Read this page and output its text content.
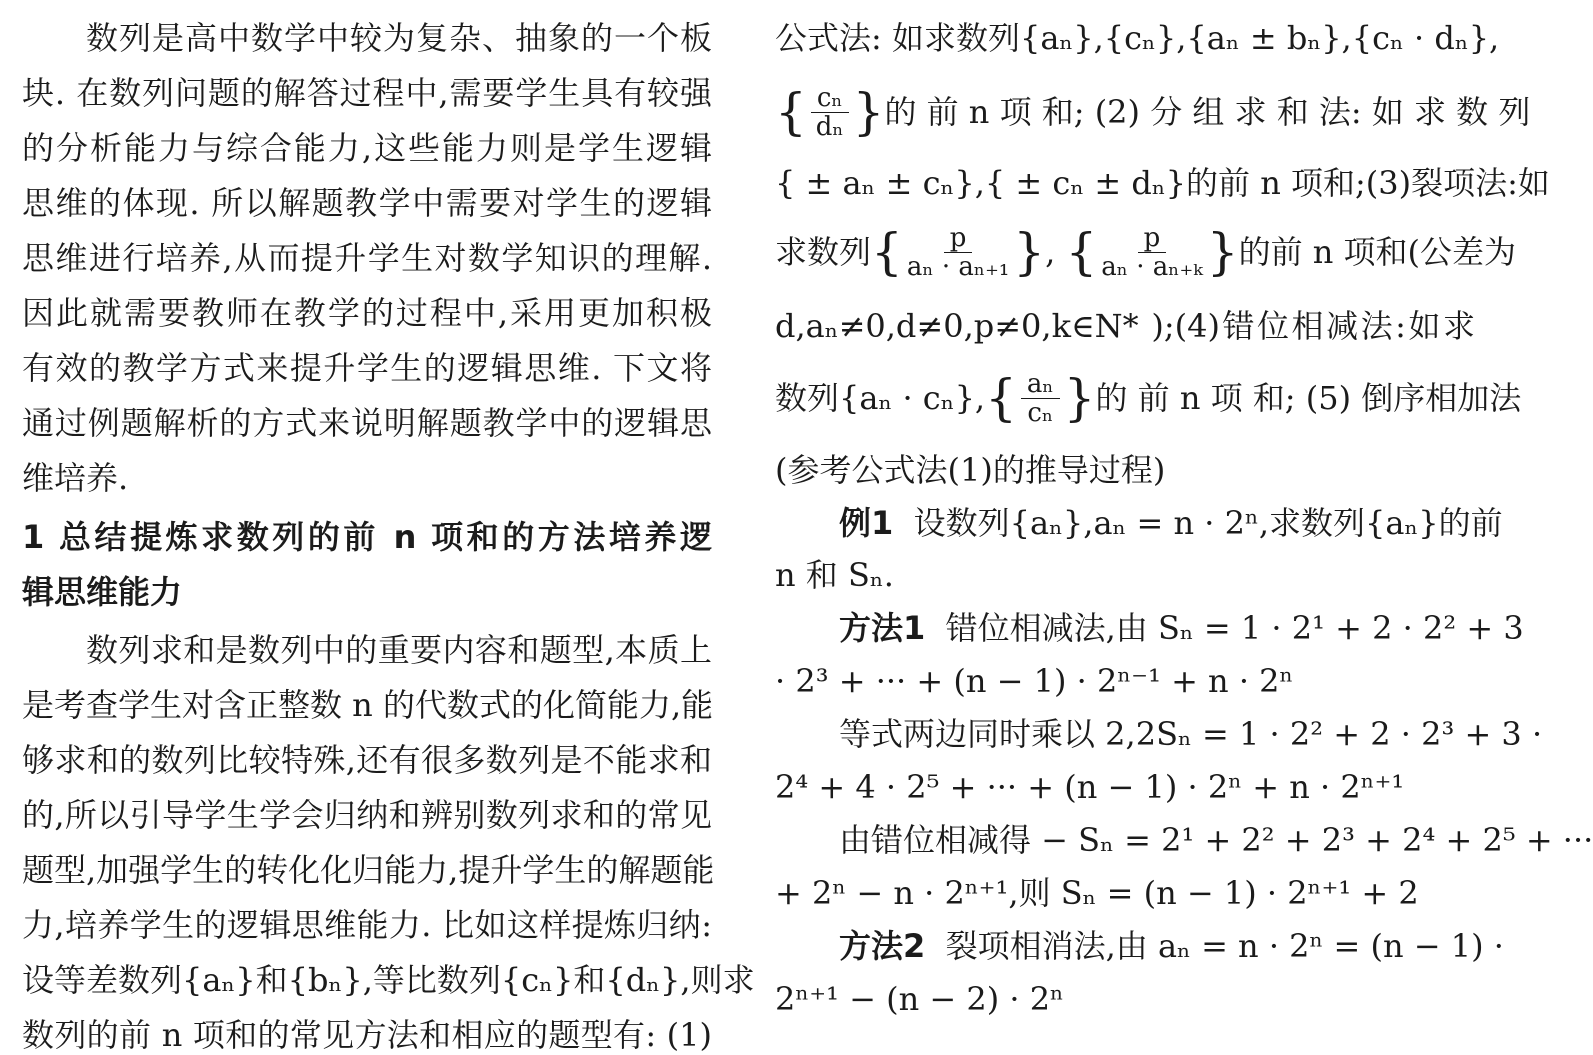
数列是高中数学中较为复杂、抽象的一个板
块. 在数列问题的解答过程中,需要学生具有较强
的分析能力与综合能力,这些能力则是学生逻辑
思维的体现. 所以解题教学中需要对学生的逻辑
思维进行培养,从而提升学生对数学知识的理解.
因此就需要教师在教学的过程中,采用更加积极
有效的教学方式来提升学生的逻辑思维. 下文将
通过例题解析的方式来说明解题教学中的逻辑思
维培养.
1 总结提炼求数列的前 n 项和的方法培养逻
辑思维能力
数列求和是数列中的重要内容和题型,本质上
是考查学生对含正整数 n 的代数式的化简能力,能
够求和的数列比较特殊,还有很多数列是不能求和
的,所以引导学生学会归纳和辨别数列求和的常见
题型,加强学生的转化化归能力,提升学生的解题能
力,培养学生的逻辑思维能力. 比如这样提炼归纳:
设等差数列{aₙ}和{bₙ},等比数列{cₙ}和{dₙ},则求
数列的前 n 项和的常见方法和相应的题型有: (1)
公式法: 如求数列{aₙ},{cₙ},{aₙ ± bₙ},{cₙ · dₙ},
{ $\frac{\text{cₙ}}{\text{dₙ}}$ } 的 前 n 项 和; (2) 分 组 求 和 法: 如 求 数 列
{ ± aₙ ± cₙ},{ ± cₙ ± dₙ}的前 n 项和;(3)裂项法:如
求数列 { $\frac{p}{\text{aₙ · aₙ₊₁}}$ } , { $\frac{p}{\text{aₙ · aₙ₊ₖ}}$ } 的前 n 项和(公差为
d,aₙ≠0,d≠0,p≠0,k∈N* );(4)错位相减法:如求
数列{aₙ · cₙ}, { $\frac{\text{aₙ}}{\text{cₙ}}$ } 的 前 n 项 和; (5) 倒序相加法
(参考公式法(1)的推导过程)
例1 设数列{aₙ},aₙ = n · 2ⁿ,求数列{aₙ}的前
n 和 Sₙ.
方法1 错位相减法,由 Sₙ = 1 · 2¹ + 2 · 2² + 3
· 2³ + ··· + (n − 1) · 2ⁿ⁻¹ + n · 2ⁿ
等式两边同时乘以 2,2Sₙ = 1 · 2² + 2 · 2³ + 3 ·
2⁴ + 4 · 2⁵ + ··· + (n − 1) · 2ⁿ + n · 2ⁿ⁺¹
由错位相减得 − Sₙ = 2¹ + 2² + 2³ + 2⁴ + 2⁵ + ···
+ 2ⁿ − n · 2ⁿ⁺¹,则 Sₙ = (n − 1) · 2ⁿ⁺¹ + 2
方法2 裂项相消法,由 aₙ = n · 2ⁿ = (n − 1) ·
2ⁿ⁺¹ − (n − 2) · 2ⁿ
